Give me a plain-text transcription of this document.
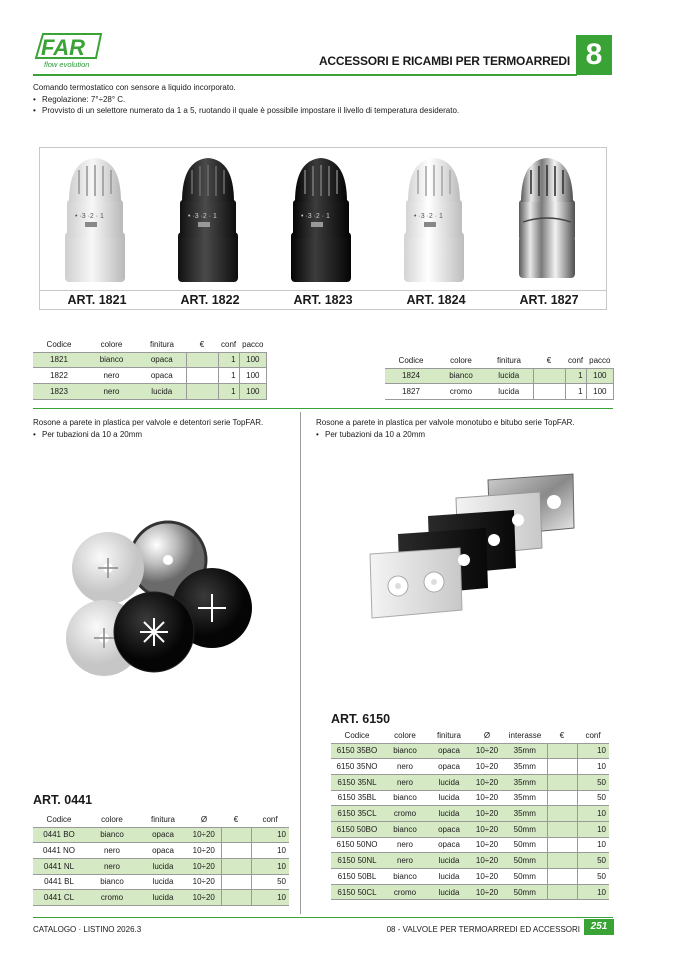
FAR
flow evolution	ACCESSORI E RICAMBI PER TERMOARREDI 8
Comando termostatico con sensore a liquido incorporato.
• Regolazione: 7°÷28° C.
• Provvisto di un selettore numerato da 1 a 5, ruotando il quale è possibile impostare il livello di temperatura desiderato.
• ·3 ·2 · 1	• ·3 ·2 · 1	• ·3 ·2 · 1	• ·3 ·2 · 1
ART. 1821	ART. 1822	ART. 1823	ART. 1824	ART. 1827
Codice	colore	finitura	€	conf	pacco
1821	bianco	opaca		1	100
1822	nero	opaca		1	100
1823	nero	lucida		1	100
Codice	colore	finitura	€	conf	pacco
1824	bianco	lucida		1	100
1827	cromo	lucida		1	100
Rosone a parete in plastica per valvole e detentori serie TopFAR.
• Per tubazioni da 10 a 20mm
ART. 0441
Codice	colore	finitura	Ø	€	conf
0441 BO	bianco	opaca	10÷20		10
0441 NO	nero	opaca	10÷20		10
0441 NL	nero	lucida	10÷20		10
0441 BL	bianco	lucida	10÷20		50
0441 CL	cromo	lucida	10÷20		10
Rosone a parete in plastica per valvole monotubo e bitubo serie TopFAR.
• Per tubazioni da 10 a 20mm
ART. 6150
Codice	colore	finitura	Ø	interasse	€	conf
6150 35BO	bianco	opaca	10÷20	35mm		10
6150 35NO	nero	opaca	10÷20	35mm		10
6150 35NL	nero	lucida	10÷20	35mm		50
6150 35BL	bianco	lucida	10÷20	35mm		50
6150 35CL	cromo	lucida	10÷20	35mm		10
6150 50BO	bianco	opaca	10÷20	50mm		10
6150 50NO	nero	opaca	10÷20	50mm		10
6150 50NL	nero	lucida	10÷20	50mm		50
6150 50BL	bianco	lucida	10÷20	50mm		50
6150 50CL	cromo	lucida	10÷20	50mm		10
CATALOGO · LISTINO 2026.3	08 - VALVOLE PER TERMOARREDI ED ACCESSORI	251
